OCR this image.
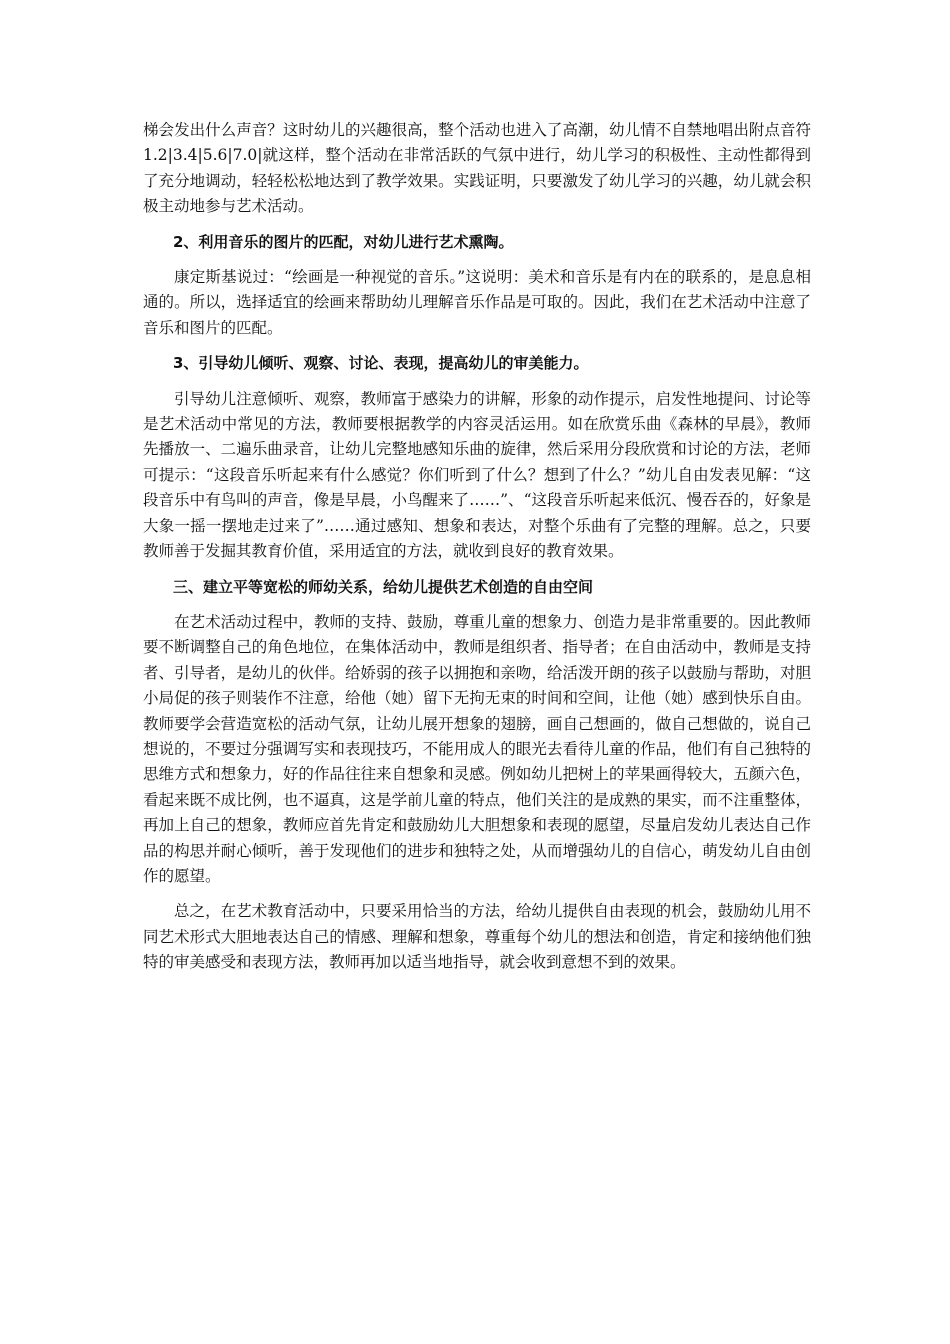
梯会发出什么声音？这时幼儿的兴趣很高，整个活动也进入了高潮，幼儿情不自禁地唱出附点音符 1.2|3.4|5.6|7.0|就这样，整个活动在非常活跃的气氛中进行，幼儿学习的积极性、主动性都得到了充分地调动，轻轻松松地达到了教学效果。实践证明，只要激发了幼儿学习的兴趣，幼儿就会积极主动地参与艺术活动。

2、利用音乐的图片的匹配，对幼儿进行艺术熏陶。

康定斯基说过：“绘画是一种视觉的音乐。”这说明：美术和音乐是有内在的联系的，是息息相通的。所以，选择适宜的绘画来帮助幼儿理解音乐作品是可取的。因此，我们在艺术活动中注意了音乐和图片的匹配。

3、引导幼儿倾听、观察、讨论、表现，提高幼儿的审美能力。

引导幼儿注意倾听、观察，教师富于感染力的讲解，形象的动作提示，启发性地提问、讨论等是艺术活动中常见的方法，教师要根据教学的内容灵活运用。如在欣赏乐曲《森林的早晨》，教师先播放一、二遍乐曲录音，让幼儿完整地感知乐曲的旋律，然后采用分段欣赏和讨论的方法，老师可提示：“这段音乐听起来有什么感觉？你们听到了什么？想到了什么？”幼儿自由发表见解：“这段音乐中有鸟叫的声音，像是早晨，小鸟醒来了……”、“这段音乐听起来低沉、慢吞吞的，好象是大象一摇一摆地走过来了”……通过感知、想象和表达，对整个乐曲有了完整的理解。总之，只要教师善于发掘其教育价值，采用适宜的方法，就收到良好的教育效果。

三、建立平等宽松的师幼关系，给幼儿提供艺术创造的自由空间

在艺术活动过程中，教师的支持、鼓励，尊重儿童的想象力、创造力是非常重要的。因此教师要不断调整自己的角色地位，在集体活动中，教师是组织者、指导者；在自由活动中，教师是支持者、引导者，是幼儿的伙伴。给娇弱的孩子以拥抱和亲吻，给活泼开朗的孩子以鼓励与帮助，对胆小局促的孩子则装作不注意，给他（她）留下无拘无束的时间和空间，让他（她）感到快乐自由。教师要学会营造宽松的活动气氛，让幼儿展开想象的翅膀，画自己想画的，做自己想做的，说自己想说的，不要过分强调写实和表现技巧，不能用成人的眼光去看待儿童的作品，他们有自己独特的思维方式和想象力，好的作品往往来自想象和灵感。例如幼儿把树上的苹果画得较大，五颜六色，看起来既不成比例，也不逼真，这是学前儿童的特点，他们关注的是成熟的果实，而不注重整体，再加上自己的想象，教师应首先肯定和鼓励幼儿大胆想象和表现的愿望，尽量启发幼儿表达自己作品的构思并耐心倾听，善于发现他们的进步和独特之处，从而增强幼儿的自信心，萌发幼儿自由创作的愿望。

总之，在艺术教育活动中，只要采用恰当的方法，给幼儿提供自由表现的机会，鼓励幼儿用不同艺术形式大胆地表达自己的情感、理解和想象，尊重每个幼儿的想法和创造，肯定和接纳他们独特的审美感受和表现方法，教师再加以适当地指导，就会收到意想不到的效果。
